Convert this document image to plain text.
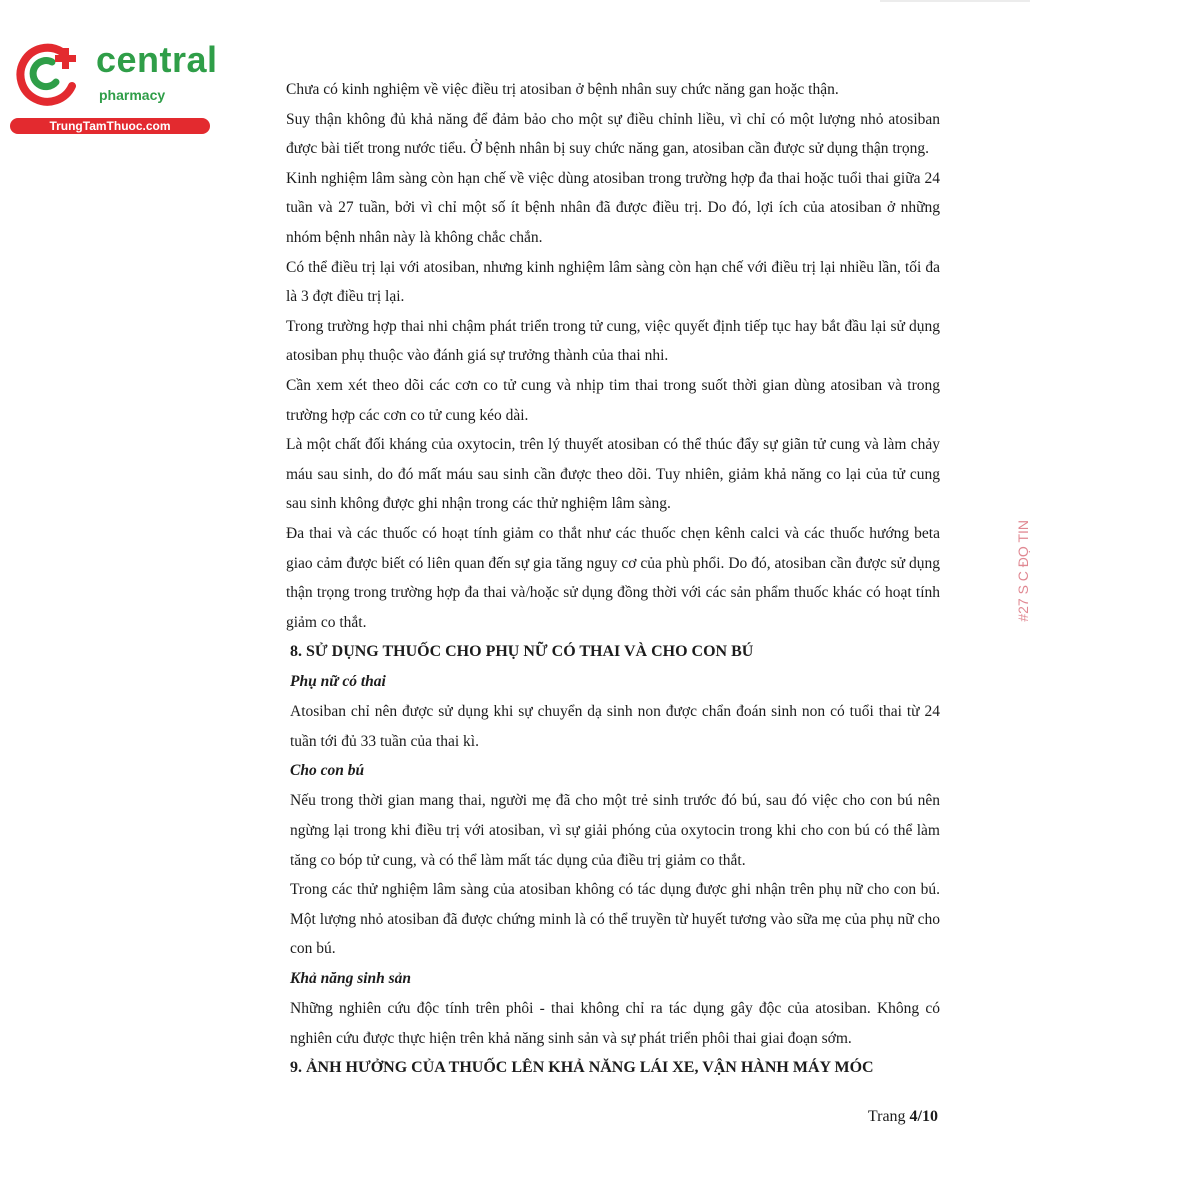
central
pharmacy
TrungTamThuoc.com
#27 S C ĐỌ TIN

Chưa có kinh nghiệm về việc điều trị atosiban ở bệnh nhân suy chức năng gan hoặc thận.

Suy thận không đủ khả năng để đảm bảo cho một sự điều chỉnh liều, vì chỉ có một lượng nhỏ atosiban được bài tiết trong nước tiểu. Ở bệnh nhân bị suy chức năng gan, atosiban cần được sử dụng thận trọng.

Kinh nghiệm lâm sàng còn hạn chế về việc dùng atosiban trong trường hợp đa thai hoặc tuổi thai giữa 24 tuần và 27 tuần, bởi vì chỉ một số ít bệnh nhân đã được điều trị. Do đó, lợi ích của atosiban ở những nhóm bệnh nhân này là không chắc chắn.

Có thể điều trị lại với atosiban, nhưng kinh nghiệm lâm sàng còn hạn chế với điều trị lại nhiều lần, tối đa là 3 đợt điều trị lại.

Trong trường hợp thai nhi chậm phát triển trong tử cung, việc quyết định tiếp tục hay bắt đầu lại sử dụng atosiban phụ thuộc vào đánh giá sự trưởng thành của thai nhi.

Cần xem xét theo dõi các cơn co tử cung và nhịp tim thai trong suốt thời gian dùng atosiban và trong trường hợp các cơn co tử cung kéo dài.

Là một chất đối kháng của oxytocin, trên lý thuyết atosiban có thể thúc đẩy sự giãn tử cung và làm chảy máu sau sinh, do đó mất máu sau sinh cần được theo dõi. Tuy nhiên, giảm khả năng co lại của tử cung sau sinh không được ghi nhận trong các thử nghiệm lâm sàng.

Đa thai và các thuốc có hoạt tính giảm co thắt như các thuốc chẹn kênh calci và các thuốc hướng beta giao cảm được biết có liên quan đến sự gia tăng nguy cơ của phù phổi. Do đó, atosiban cần được sử dụng thận trọng trong trường hợp đa thai và/hoặc sử dụng đồng thời với các sản phẩm thuốc khác có hoạt tính giảm co thắt.

8. SỬ DỤNG THUỐC CHO PHỤ NỮ CÓ THAI VÀ CHO CON BÚ
Phụ nữ có thai

Atosiban chỉ nên được sử dụng khi sự chuyển dạ sinh non được chẩn đoán sinh non có tuổi thai từ 24 tuần tới đủ 33 tuần của thai kì.

Cho con bú

Nếu trong thời gian mang thai, người mẹ đã cho một trẻ sinh trước đó bú, sau đó việc cho con bú nên ngừng lại trong khi điều trị với atosiban, vì sự giải phóng của oxytocin trong khi cho con bú có thể làm tăng co bóp tử cung, và có thể làm mất tác dụng của điều trị giảm co thắt.

Trong các thử nghiệm lâm sàng của atosiban không có tác dụng được ghi nhận trên phụ nữ cho con bú. Một lượng nhỏ atosiban đã được chứng minh là có thể truyền từ huyết tương vào sữa mẹ của phụ nữ cho con bú.

Khả năng sinh sản

Những nghiên cứu độc tính trên phôi - thai không chỉ ra tác dụng gây độc của atosiban. Không có nghiên cứu được thực hiện trên khả năng sinh sản và sự phát triển phôi thai giai đoạn sớm.

9. ẢNH HƯỞNG CỦA THUỐC LÊN KHẢ NĂNG LÁI XE, VẬN HÀNH MÁY MÓC
Trang 4/10
